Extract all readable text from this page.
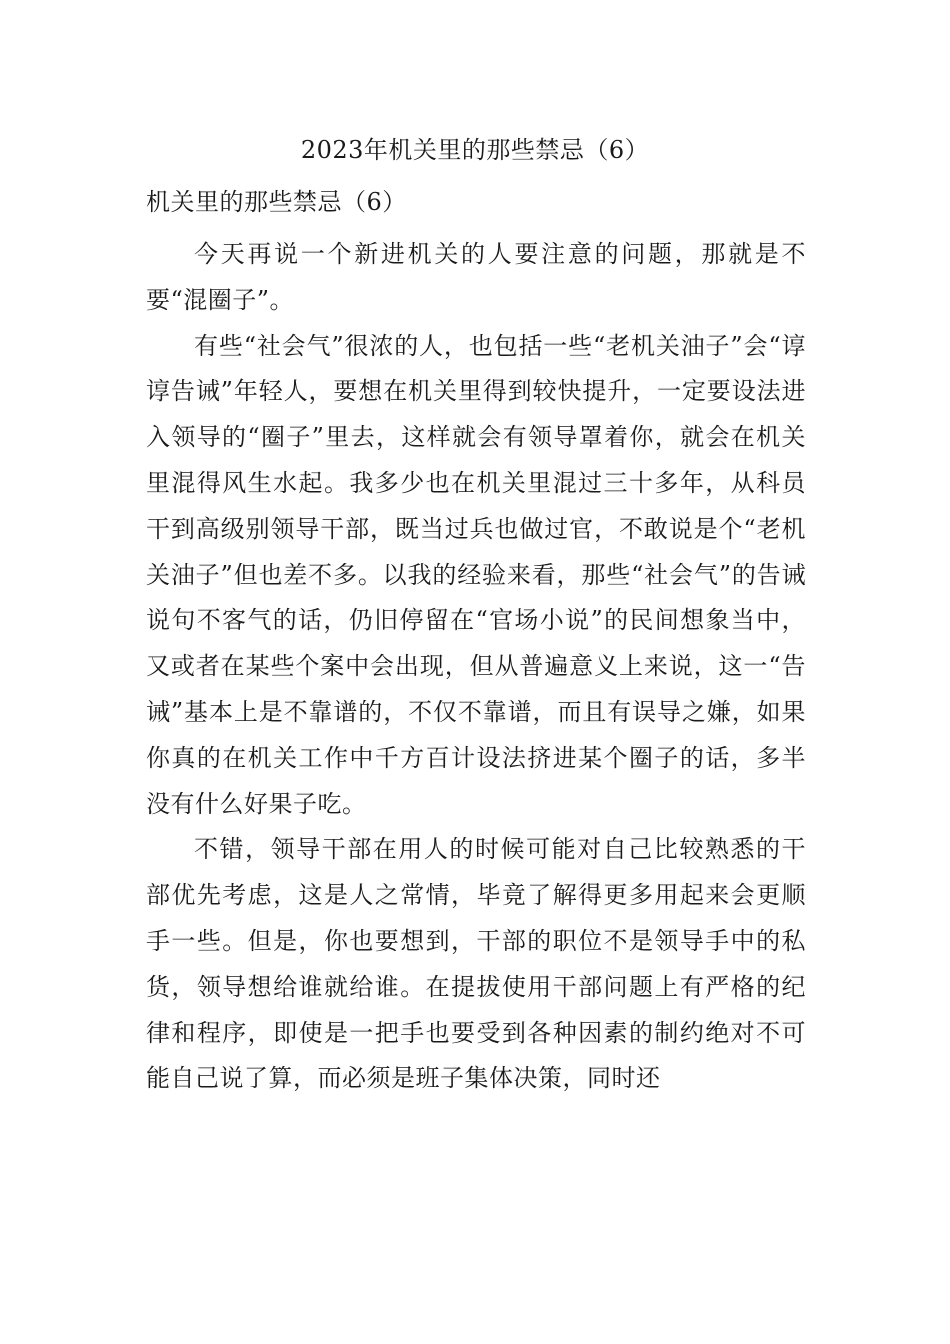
2023年机关里的那些禁忌（6）
机关里的那些禁忌（6）

今天再说一个新进机关的人要注意的问题，那就是不要“混圈子”。

有些“社会气”很浓的人，也包括一些“老机关油子”会“谆谆告诫”年轻人，要想在机关里得到较快提升，一定要设法进入领导的“圈子”里去，这样就会有领导罩着你，就会在机关里混得风生水起。我多少也在机关里混过三十多年，从科员干到高级别领导干部，既当过兵也做过官，不敢说是个“老机关油子”但也差不多。以我的经验来看，那些“社会气”的告诫说句不客气的话，仍旧停留在“官场小说”的民间想象当中，又或者在某些个案中会出现，但从普遍意义上来说，这一“告诫”基本上是不靠谱的，不仅不靠谱，而且有误导之嫌，如果你真的在机关工作中千方百计设法挤进某个圈子的话，多半没有什么好果子吃。

不错，领导干部在用人的时候可能对自己比较熟悉的干部优先考虑，这是人之常情，毕竟了解得更多用起来会更顺手一些。但是，你也要想到，干部的职位不是领导手中的私货，领导想给谁就给谁。在提拔使用干部问题上有严格的纪律和程序，即使是一把手也要受到各种因素的制约绝对不可能自己说了算，而必须是班子集体决策，同时还
